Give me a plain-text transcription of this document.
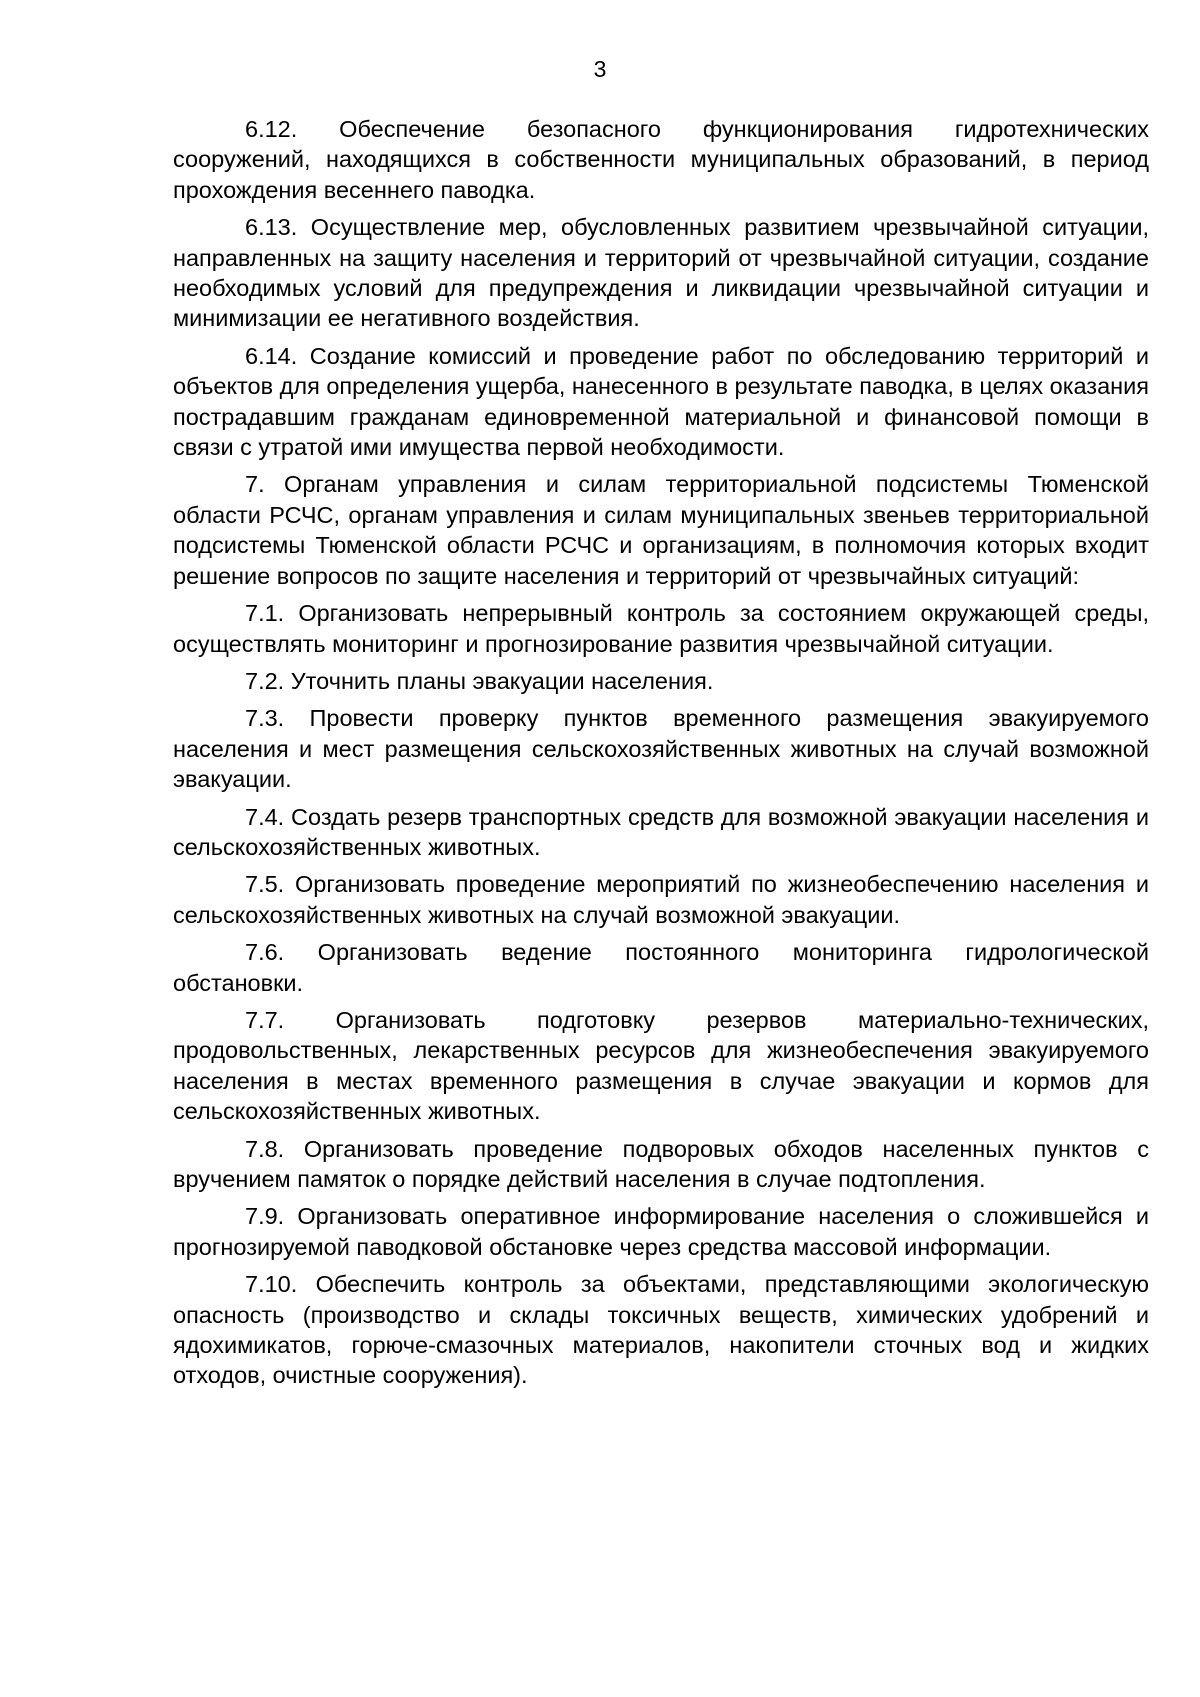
3

6.12. Обеспечение безопасного функционирования гидротехнических сооружений, находящихся в собственности муниципальных образований, в период прохождения весеннего паводка.

6.13. Осуществление мер, обусловленных развитием чрезвычайной ситуации, направленных на защиту населения и территорий от чрезвычайной ситуации, создание необходимых условий для предупреждения и ликвидации чрезвычайной ситуации и минимизации ее негативного воздействия.

6.14. Создание комиссий и проведение работ по обследованию территорий и объектов для определения ущерба, нанесенного в результате паводка, в целях оказания пострадавшим гражданам единовременной материальной и финансовой помощи в связи с утратой ими имущества первой необходимости.

7. Органам управления и силам территориальной подсистемы Тюменской области РСЧС, органам управления и силам муниципальных звеньев территориальной подсистемы Тюменской области РСЧС и организациям, в полномочия которых входит решение вопросов по защите населения и территорий от чрезвычайных ситуаций:

7.1. Организовать непрерывный контроль за состоянием окружающей среды, осуществлять мониторинг и прогнозирование развития чрезвычайной ситуации.

7.2. Уточнить планы эвакуации населения.

7.3. Провести проверку пунктов временного размещения эвакуируемого населения и мест размещения сельскохозяйственных животных на случай возможной эвакуации.

7.4. Создать резерв транспортных средств для возможной эвакуации населения и сельскохозяйственных животных.

7.5. Организовать проведение мероприятий по жизнеобеспечению населения и сельскохозяйственных животных на случай возможной эвакуации.

7.6. Организовать ведение постоянного мониторинга гидрологической обстановки.

7.7. Организовать подготовку резервов материально-технических, продовольственных, лекарственных ресурсов для жизнеобеспечения эвакуируемого населения в местах временного размещения в случае эвакуации и кормов для сельскохозяйственных животных.

7.8. Организовать проведение подворовых обходов населенных пунктов с вручением памяток о порядке действий населения в случае подтопления.

7.9. Организовать оперативное информирование населения о сложившейся и прогнозируемой паводковой обстановке через средства массовой информации.

7.10. Обеспечить контроль за объектами, представляющими экологическую опасность (производство и склады токсичных веществ, химических удобрений и ядохимикатов, горюче-смазочных материалов, накопители сточных вод и жидких отходов, очистные сооружения).
